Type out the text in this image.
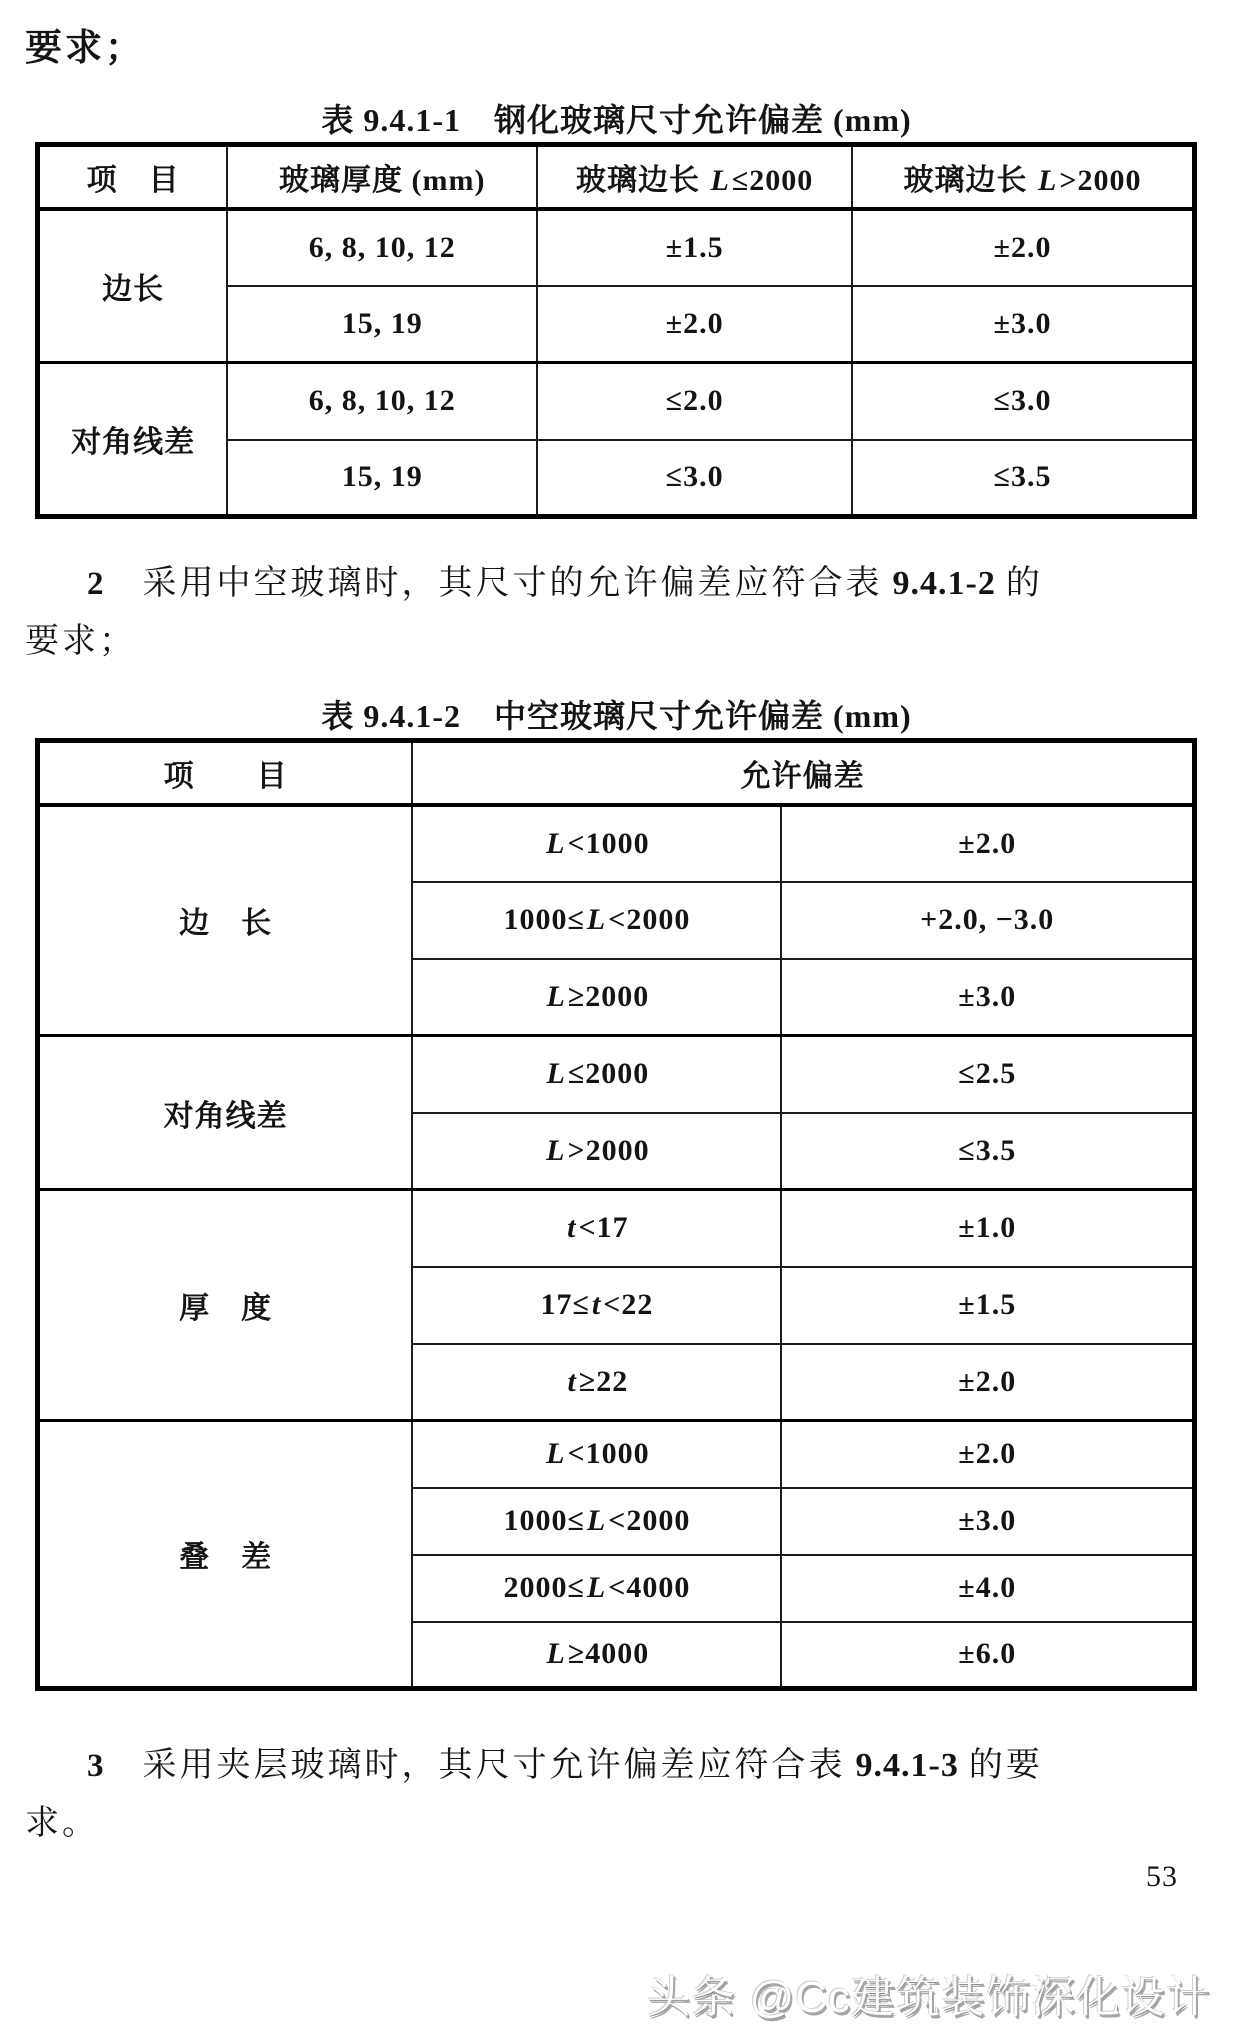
要求；
表 9.4.1-1　钢化玻璃尺寸允许偏差 (mm)
项　目	玻璃厚度 (mm)	玻璃边长 L≤2000	玻璃边长 L>2000
边长	6, 8, 10, 12	±1.5	±2.0
	15, 19	±2.0	±3.0
对角线差	6, 8, 10, 12	≤2.0	≤3.0
	15, 19	≤3.0	≤3.5
2 采用中空玻璃时，其尺寸的允许偏差应符合表 9.4.1-2 的
要求；
表 9.4.1-2　中空玻璃尺寸允许偏差 (mm)
项　　目	允许偏差	
边　长	L<1000	±2.0
	1000≤L<2000	+2.0, −3.0
	L≥2000	±3.0
对角线差	L≤2000	≤2.5
	L>2000	≤3.5
厚　度	t<17	±1.0
	17≤t<22	±1.5
	t≥22	±2.0
叠　差	L<1000	±2.0
	1000≤L<2000	±3.0
	2000≤L<4000	±4.0
	L≥4000	±6.0
3 采用夹层玻璃时，其尺寸允许偏差应符合表 9.4.1-3 的要
求。
53
头条 @Cc建筑装饰深化设计
